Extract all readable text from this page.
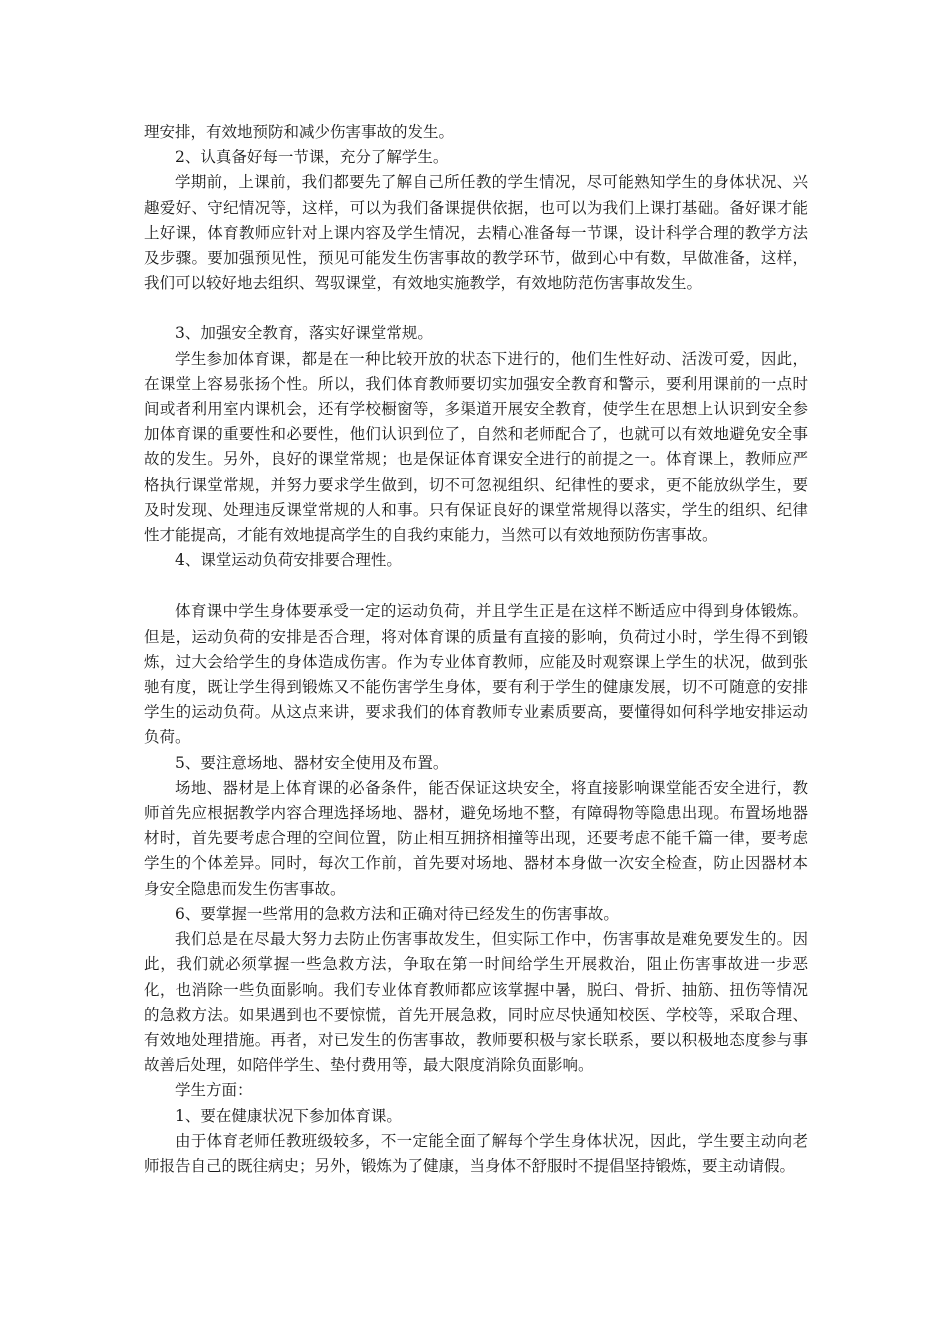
理安排，有效地预防和减少伤害事故的发生。

2、认真备好每一节课，充分了解学生。

学期前，上课前，我们都要先了解自己所任教的学生情况，尽可能熟知学生的身体状况、兴趣爱好、守纪情况等，这样，可以为我们备课提供依据，也可以为我们上课打基础。备好课才能上好课，体育教师应针对上课内容及学生情况，去精心准备每一节课，设计科学合理的教学方法及步骤。要加强预见性，预见可能发生伤害事故的教学环节，做到心中有数，早做准备，这样，我们可以较好地去组织、驾驭课堂，有效地实施教学，有效地防范伤害事故发生。

3、加强安全教育，落实好课堂常规。

学生参加体育课，都是在一种比较开放的状态下进行的，他们生性好动、活泼可爱，因此，在课堂上容易张扬个性。所以，我们体育教师要切实加强安全教育和警示，要利用课前的一点时间或者利用室内课机会，还有学校橱窗等，多渠道开展安全教育，使学生在思想上认识到安全参加体育课的重要性和必要性，他们认识到位了，自然和老师配合了，也就可以有效地避免安全事故的发生。另外，良好的课堂常规；也是保证体育课安全进行的前提之一。体育课上，教师应严格执行课堂常规，并努力要求学生做到，切不可忽视组织、纪律性的要求，更不能放纵学生，要及时发现、处理违反课堂常规的人和事。只有保证良好的课堂常规得以落实，学生的组织、纪律性才能提高，才能有效地提高学生的自我约束能力，当然可以有效地预防伤害事故。

4、课堂运动负荷安排要合理性。

体育课中学生身体要承受一定的运动负荷，并且学生正是在这样不断适应中得到身体锻炼。但是，运动负荷的安排是否合理，将对体育课的质量有直接的影响，负荷过小时，学生得不到锻炼，过大会给学生的身体造成伤害。作为专业体育教师，应能及时观察课上学生的状况，做到张驰有度，既让学生得到锻炼又不能伤害学生身体，要有利于学生的健康发展，切不可随意的安排学生的运动负荷。从这点来讲，要求我们的体育教师专业素质要高，要懂得如何科学地安排运动负荷。

5、要注意场地、器材安全使用及布置。

场地、器材是上体育课的必备条件，能否保证这块安全，将直接影响课堂能否安全进行，教师首先应根据教学内容合理选择场地、器材，避免场地不整，有障碍物等隐患出现。布置场地器材时，首先要考虑合理的空间位置，防止相互拥挤相撞等出现，还要考虑不能千篇一律，要考虑学生的个体差异。同时，每次工作前，首先要对场地、器材本身做一次安全检查，防止因器材本身安全隐患而发生伤害事故。

6、要掌握一些常用的急救方法和正确对待已经发生的伤害事故。

我们总是在尽最大努力去防止伤害事故发生，但实际工作中，伤害事故是难免要发生的。因此，我们就必须掌握一些急救方法，争取在第一时间给学生开展救治，阻止伤害事故进一步恶化，也消除一些负面影响。我们专业体育教师都应该掌握中暑，脱臼、骨折、抽筋、扭伤等情况的急救方法。如果遇到也不要惊慌，首先开展急救，同时应尽快通知校医、学校等，采取合理、有效地处理措施。再者，对已发生的伤害事故，教师要积极与家长联系，要以积极地态度参与事故善后处理，如陪伴学生、垫付费用等，最大限度消除负面影响。

学生方面：

1、要在健康状况下参加体育课。

由于体育老师任教班级较多，不一定能全面了解每个学生身体状况，因此，学生要主动向老师报告自己的既往病史；另外，锻炼为了健康，当身体不舒服时不提倡坚持锻炼，要主动请假。
